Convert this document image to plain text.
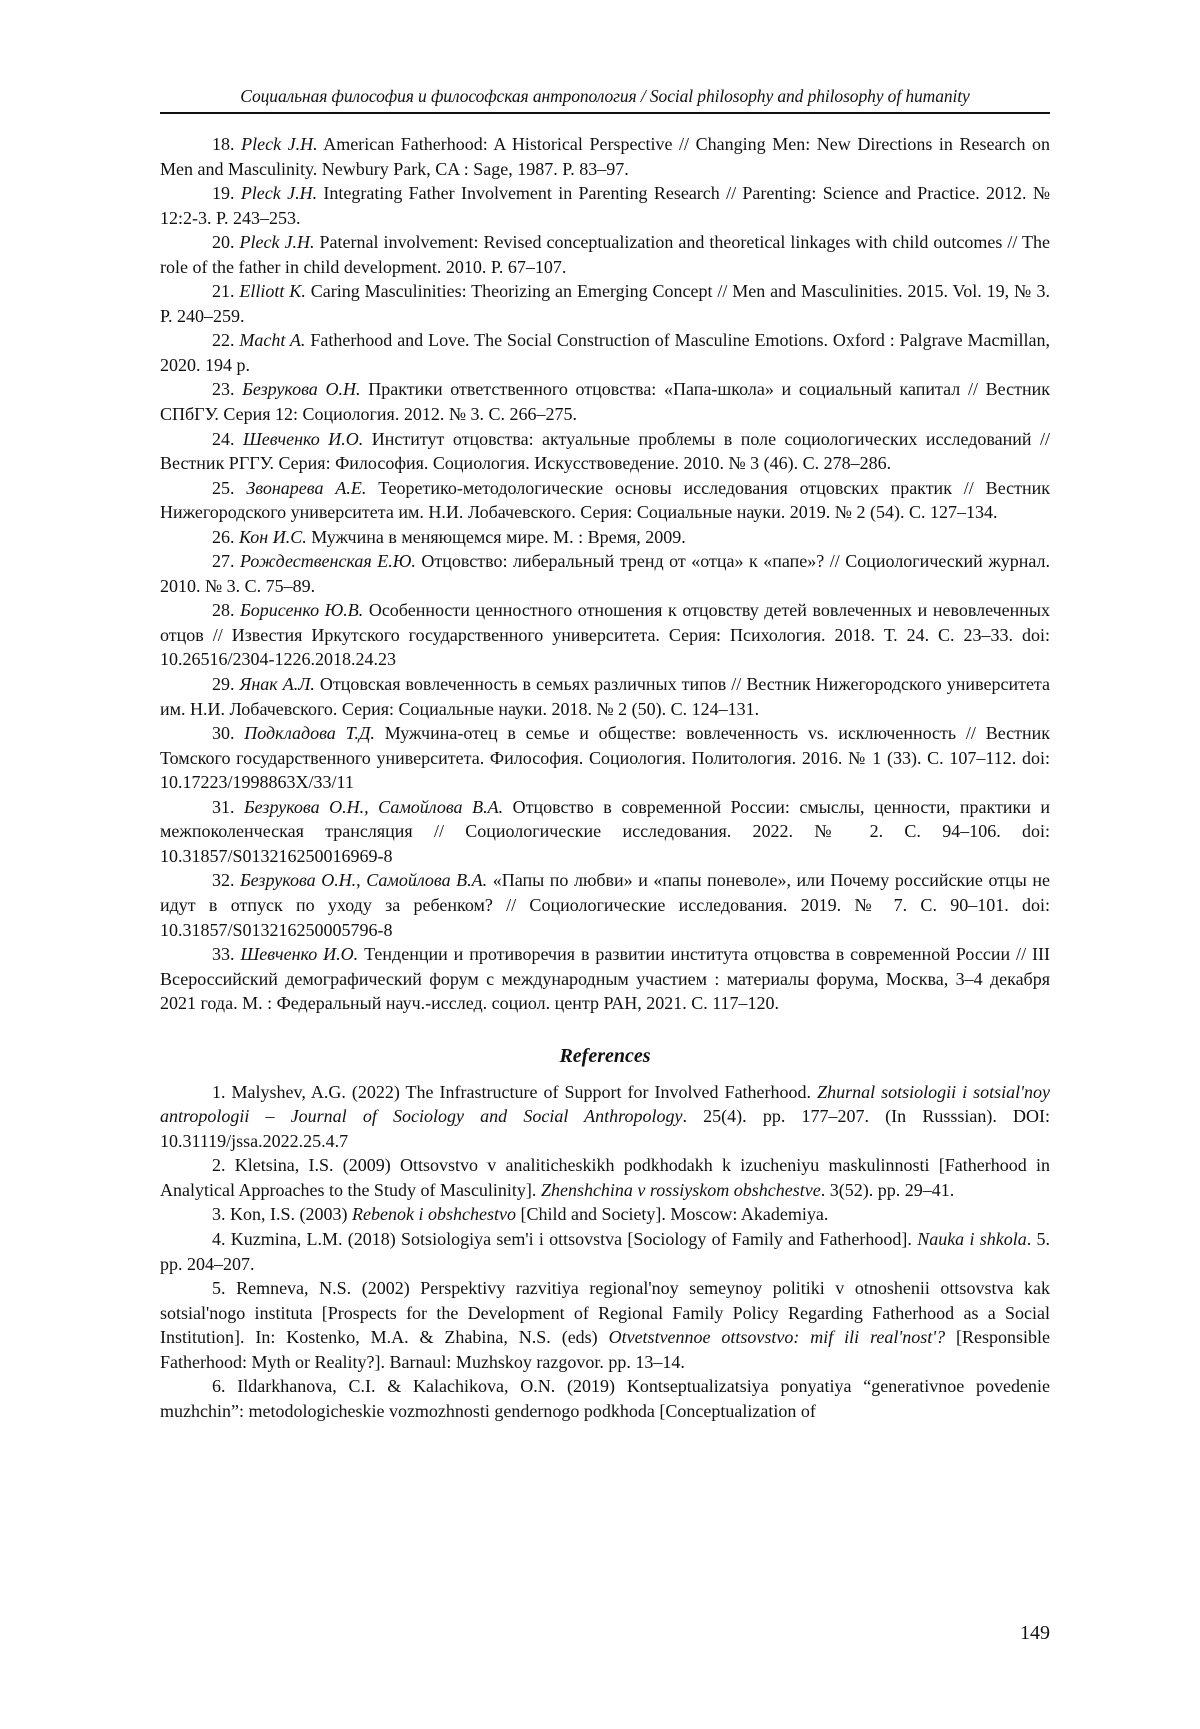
Социальная философия и философская антропология / Social philosophy and philosophy of humanity

18. Pleck J.H. American Fatherhood: A Historical Perspective // Changing Men: New Directions in Research on Men and Masculinity. Newbury Park, CA : Sage, 1987. P. 83–97.

19. Pleck J.H. Integrating Father Involvement in Parenting Research // Parenting: Science and Practice. 2012. № 12:2-3. P. 243–253.

20. Pleck J.H. Paternal involvement: Revised conceptualization and theoretical linkages with child outcomes // The role of the father in child development. 2010. P. 67–107.

21. Elliott K. Caring Masculinities: Theorizing an Emerging Concept // Men and Masculinities. 2015. Vol. 19, № 3. P. 240–259.

22. Macht A. Fatherhood and Love. The Social Construction of Masculine Emotions. Oxford : Palgrave Macmillan, 2020. 194 p.

23. Безрукова О.Н. Практики ответственного отцовства: «Папа-школа» и социальный капитал // Вестник СПбГУ. Серия 12: Социология. 2012. № 3. С. 266–275.

24. Шевченко И.О. Институт отцовства: актуальные проблемы в поле социологических исследований // Вестник РГГУ. Серия: Философия. Социология. Искусствоведение. 2010. № 3 (46). С. 278–286.

25. Звонарева А.Е. Теоретико-методологические основы исследования отцовских практик // Вестник Нижегородского университета им. Н.И. Лобачевского. Серия: Социальные науки. 2019. № 2 (54). С. 127–134.

26. Кон И.С. Мужчина в меняющемся мире. М. : Время, 2009.

27. Рождественская Е.Ю. Отцовство: либеральный тренд от «отца» к «папе»? // Социологический журнал. 2010. № 3. С. 75–89.

28. Борисенко Ю.В. Особенности ценностного отношения к отцовству детей вовлеченных и невовлеченных отцов // Известия Иркутского государственного университета. Серия: Психология. 2018. Т. 24. С. 23–33. doi: 10.26516/2304-1226.2018.24.23

29. Янак А.Л. Отцовская вовлеченность в семьях различных типов // Вестник Нижегородского университета им. Н.И. Лобачевского. Серия: Социальные науки. 2018. № 2 (50). С. 124–131.

30. Подкладова Т.Д. Мужчина-отец в семье и обществе: вовлеченность vs. исключенность // Вестник Томского государственного университета. Философия. Социология. Политология. 2016. № 1 (33). С. 107–112. doi: 10.17223/1998863X/33/11

31. Безрукова О.Н., Самойлова В.А. Отцовство в современной России: смыслы, ценности, практики и межпоколенческая трансляция // Социологические исследования. 2022. № 2. С. 94–106. doi: 10.31857/S013216250016969-8

32. Безрукова О.Н., Самойлова В.А. «Папы по любви» и «папы поневоле», или Почему российские отцы не идут в отпуск по уходу за ребенком? // Социологические исследования. 2019. № 7. С. 90–101. doi: 10.31857/S013216250005796-8

33. Шевченко И.О. Тенденции и противоречия в развитии института отцовства в современной России // III Всероссийский демографический форум с международным участием : материалы форума, Москва, 3–4 декабря 2021 года. М. : Федеральный науч.-исслед. социол. центр РАН, 2021. С. 117–120.

References

1. Malyshev, A.G. (2022) The Infrastructure of Support for Involved Fatherhood. Zhurnal sotsiologii i sotsial'noy antropologii – Journal of Sociology and Social Anthropology. 25(4). pp. 177–207. (In Russsian). DOI: 10.31119/jssa.2022.25.4.7

2. Kletsina, I.S. (2009) Ottsovstvo v analiticheskikh podkhodakh k izucheniyu maskulinnosti [Fatherhood in Analytical Approaches to the Study of Masculinity]. Zhenshchina v rossiyskom obshchestve. 3(52). pp. 29–41.

3. Kon, I.S. (2003) Rebenok i obshchestvo [Child and Society]. Moscow: Akademiya.

4. Kuzmina, L.M. (2018) Sotsiologiya sem'i i ottsovstva [Sociology of Family and Fatherhood]. Nauka i shkola. 5. pp. 204–207.

5. Remneva, N.S. (2002) Perspektivy razvitiya regional'noy semeynoy politiki v otnoshenii ottsovstva kak sotsial'nogo instituta [Prospects for the Development of Regional Family Policy Regarding Fatherhood as a Social Institution]. In: Kostenko, M.A. & Zhabina, N.S. (eds) Otvetstvennoe ottsovstvo: mif ili real'nost'? [Responsible Fatherhood: Myth or Reality?]. Barnaul: Muzhskoy razgovor. pp. 13–14.

6. Ildarkhanova, C.I. & Kalachikova, O.N. (2019) Kontseptualizatsiya ponyatiya “generativnoe povedenie muzhchin”: metodologicheskie vozmozhnosti gendernogo podkhoda [Conceptualization of

149
